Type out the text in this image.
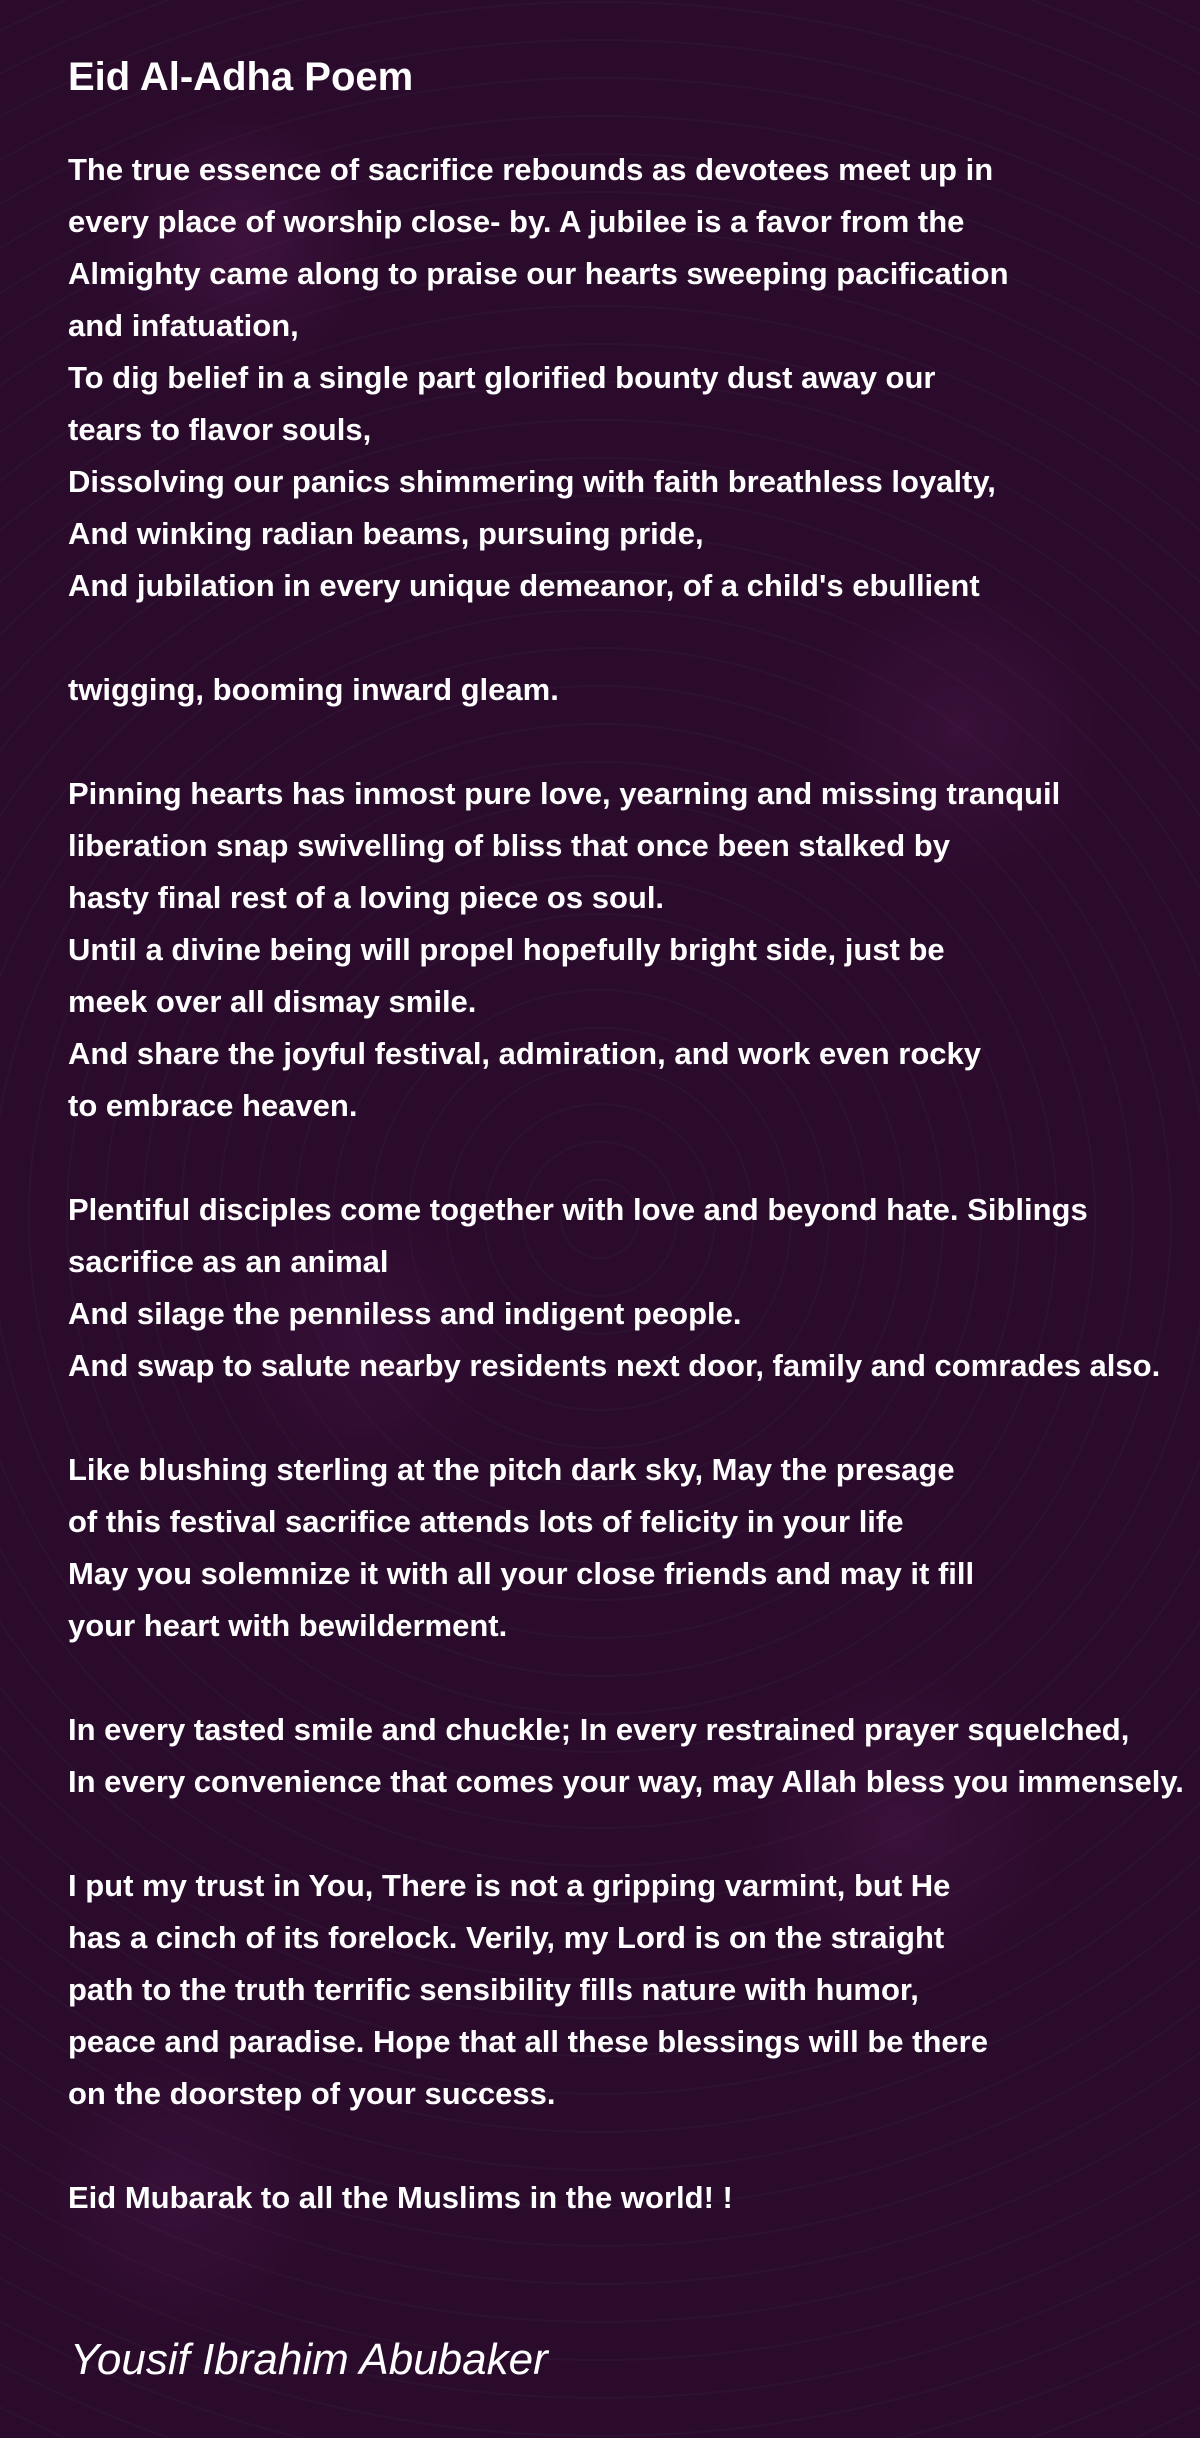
Eid Al-Adha Poem
The true essence of sacrifice rebounds as devotees meet up in
every place of worship close- by. A jubilee is a favor from the
Almighty came along to praise our hearts sweeping pacification
and infatuation,
To dig belief in a single part glorified bounty dust away our
tears to flavor souls,
Dissolving our panics shimmering with faith breathless loyalty,
And winking radian beams, pursuing pride,
And jubilation in every unique demeanor, of a child's ebullient
twigging, booming inward gleam.
Pinning hearts has inmost pure love, yearning and missing tranquil
liberation snap swivelling of bliss that once been stalked by
hasty final rest of a loving piece os soul.
Until a divine being will propel hopefully bright side, just be
meek over all dismay smile.
And share the joyful festival, admiration, and work even rocky
to embrace heaven.
Plentiful disciples come together with love and beyond hate. Siblings
sacrifice as an animal
And silage the penniless and indigent people.
And swap to salute nearby residents next door, family and comrades also.
Like blushing sterling at the pitch dark sky, May the presage
of this festival sacrifice attends lots of felicity in your life
May you solemnize it with all your close friends and may it fill
your heart with bewilderment.
In every tasted smile and chuckle; In every restrained prayer squelched,
In every convenience that comes your way, may Allah bless you immensely.
I put my trust in You, There is not a gripping varmint, but He
has a cinch of its forelock. Verily, my Lord is on the straight
path to the truth terrific sensibility fills nature with humor,
peace and paradise. Hope that all these blessings will be there
on the doorstep of your success.
Eid Mubarak to all the Muslims in the world! !
Yousif Ibrahim Abubaker
